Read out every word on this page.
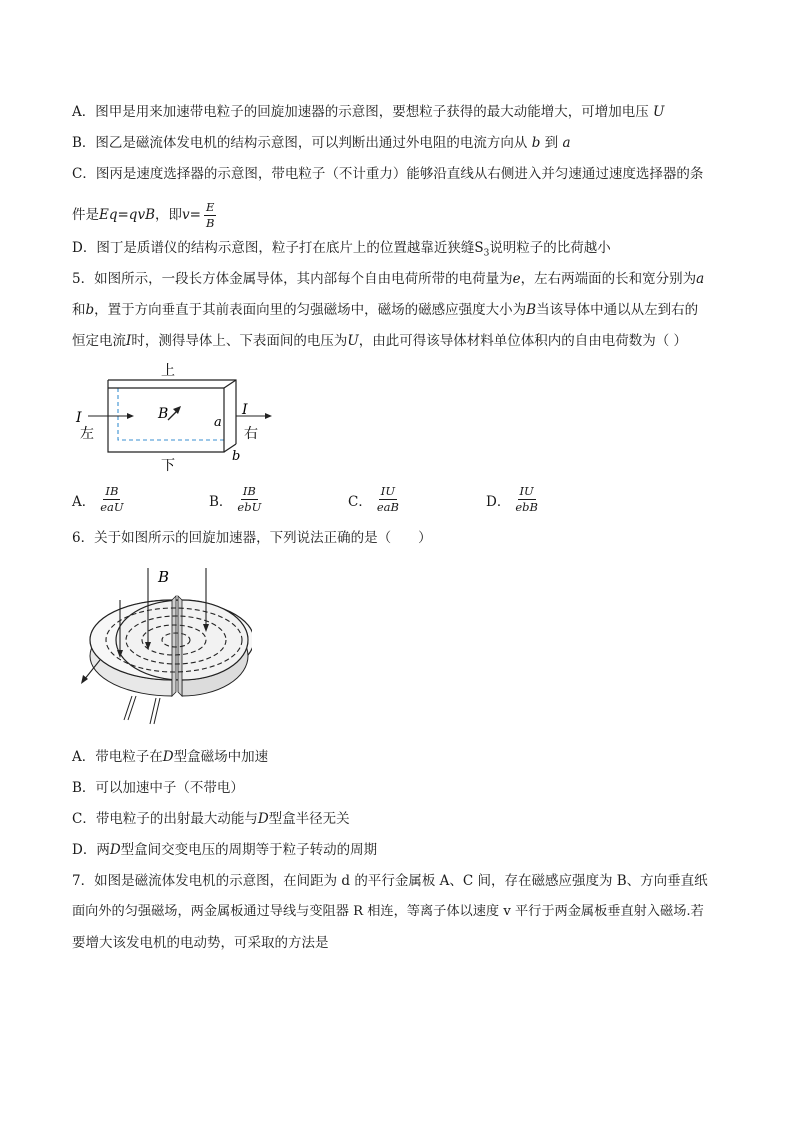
A．图甲是用来加速带电粒子的回旋加速器的示意图，要想粒子获得的最大动能增大，可增加电压 U
B．图乙是磁流体发电机的结构示意图，可以判断出通过外电阻的电流方向从 b 到 a
C．图丙是速度选择器的示意图，带电粒子（不计重力）能够沿直线从右侧进入并匀速通过速度选择器的条
件是Eq=qvB，即$v= \frac{E}{B}$
D．图丁是质谱仪的结构示意图，粒子打在底片上的位置越靠近狭缝$S_3$说明粒子的比荷越小
5．如图所示，一段长方体金属导体，其内部每个自由电荷所带的电荷量为e，左右两端面的长和宽分别为a
和b，置于方向垂直于其前表面向里的匀强磁场中，磁场的磁感应强度大小为B当该导体中通以从左到右的
恒定电流I时，测得导体上、下表面间的电压为U，由此可得该导体材料单位体积内的自由电荷数为（ ）
上
下
I
左
I
右
B
a
b
A． $\frac{IB}{\text{eaU}}$	B． $\frac{IB}{\text{ebU}}$	C． $\frac{IU}{\text{eaB}}$	D． $\frac{IU}{\text{ebB}}$
6．关于如图所示的回旋加速器，下列说法正确的是（　　）
B
A．带电粒子在D型盒磁场中加速
B．可以加速中子（不带电）
C．带电粒子的出射最大动能与D型盒半径无关
D．两D型盒间交变电压的周期等于粒子转动的周期
7．如图是磁流体发电机的示意图，在间距为 d 的平行金属板 A、C 间，存在磁感应强度为 B、方向垂直纸
面向外的匀强磁场，两金属板通过导线与变阻器 R 相连，等离子体以速度 v 平行于两金属板垂直射入磁场.若
要增大该发电机的电动势，可采取的方法是
